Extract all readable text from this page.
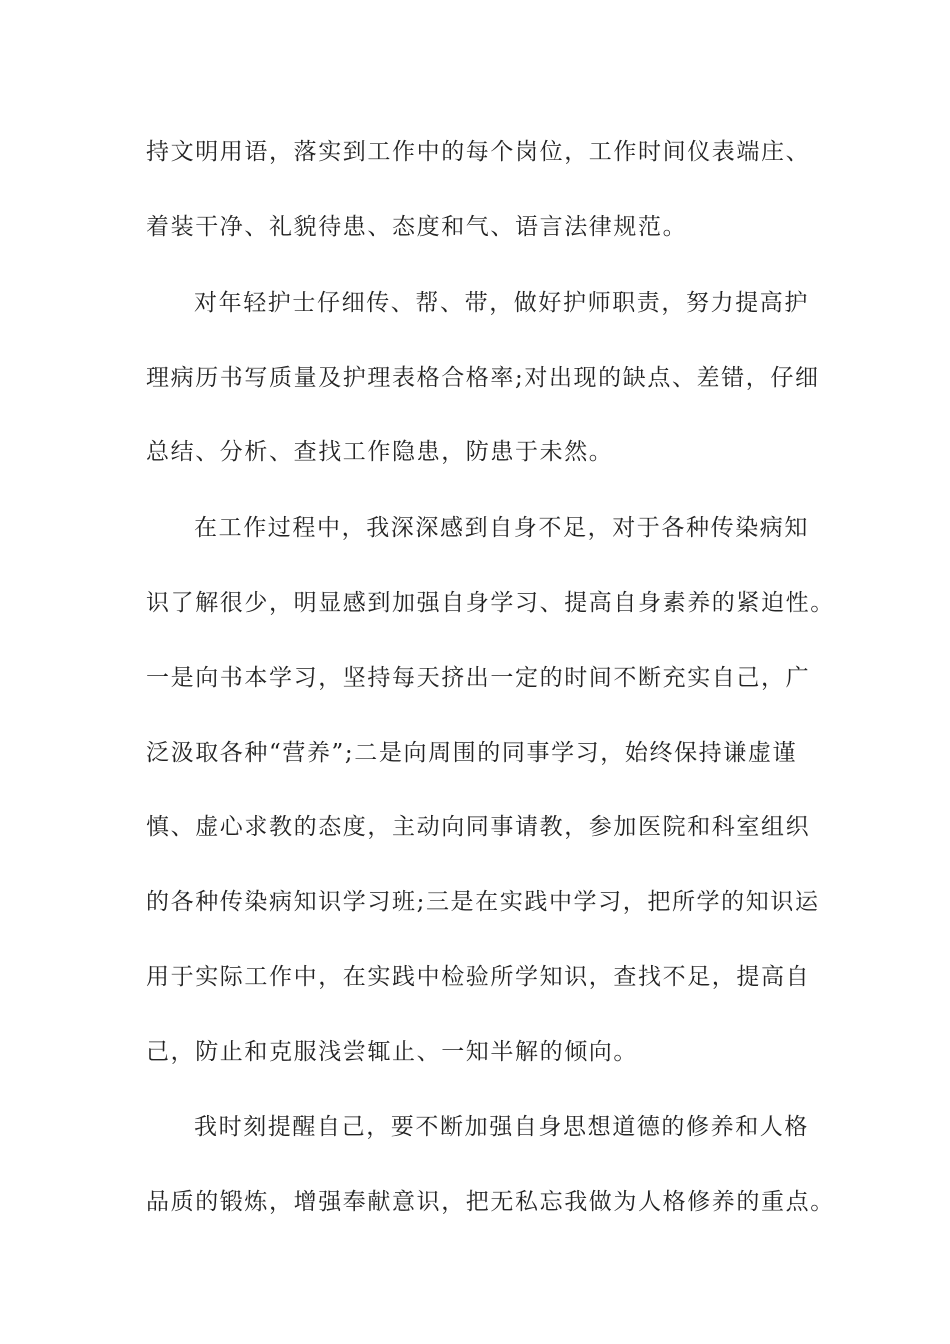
持文明用语，落实到工作中的每个岗位，工作时间仪表端庄、
着装干净、礼貌待患、态度和气、语言法律规范。
对年轻护士仔细传、帮、带，做好护师职责，努力提高护
理病历书写质量及护理表格合格率;对出现的缺点、差错，仔细
总结、分析、查找工作隐患，防患于未然。
在工作过程中，我深深感到自身不足，对于各种传染病知
识了解很少，明显感到加强自身学习、提高自身素养的紧迫性。
一是向书本学习，坚持每天挤出一定的时间不断充实自己，广
泛汲取各种“营养”;二是向周围的同事学习，始终保持谦虚谨
慎、虚心求教的态度，主动向同事请教，参加医院和科室组织
的各种传染病知识学习班;三是在实践中学习，把所学的知识运
用于实际工作中，在实践中检验所学知识，查找不足，提高自
己，防止和克服浅尝辄止、一知半解的倾向。
我时刻提醒自己，要不断加强自身思想道德的修养和人格
品质的锻炼，增强奉献意识，把无私忘我做为人格修养的重点。
